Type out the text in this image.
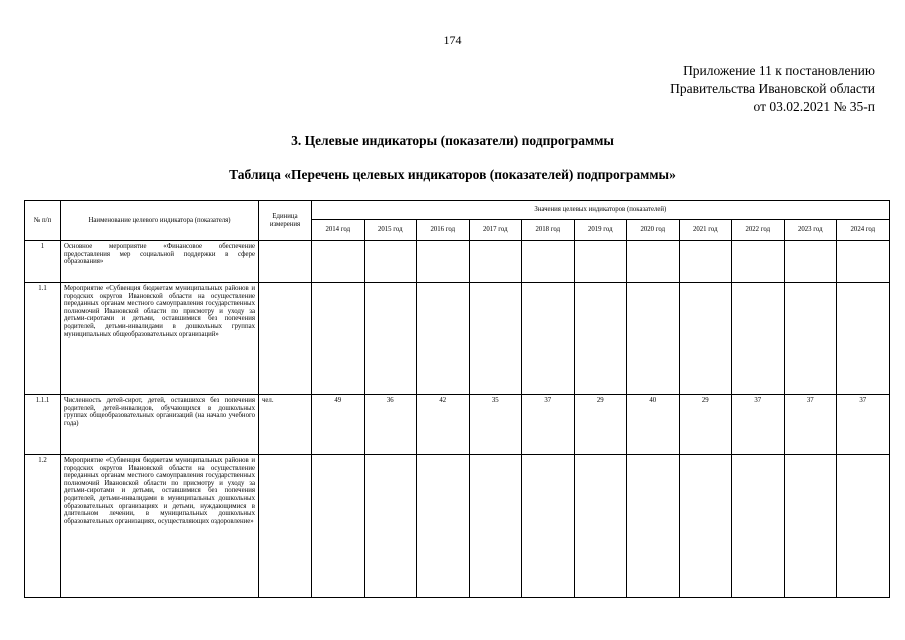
174
Приложение 11 к постановлению
Правительства Ивановской области
от 03.02.2021 № 35-п
3. Целевые индикаторы (показатели) подпрограммы
Таблица «Перечень целевых индикаторов (показателей) подпрограммы»
№ п/п	Наименование целевого индикатора (показателя)	Единица измерения	Значения целевых индикаторов (показателей)										
			2014 год	2015 год	2016 год	2017 год	2018 год	2019 год	2020 год	2021 год	2022 год	2023 год	2024 год
1	Основное мероприятие «Финансовое обеспечение предоставления мер социальной поддержки в сфере образования»												
1.1	Мероприятие «Субвенция бюджетам муниципальных районов и городских округов Ивановской области на осуществление переданных органам местного самоуправления государственных полномочий Ивановской области по присмотру и уходу за детьми-сиротами и детьми, оставшимися без попечения родителей, детьми-инвалидами в дошкольных группах муниципальных общеобразовательных организаций»												
1.1.1	Численность детей-сирот, детей, оставшихся без попечения родителей, детей-инвалидов, обучающихся в дошкольных группах общеобразовательных организаций (на начало учебного года)	чел.	49	36	42	35	37	29	40	29	37	37	37
1.2	Мероприятие «Субвенция бюджетам муниципальных районов и городских округов Ивановской области на осуществление переданных органам местного самоуправления государственных полномочий Ивановской области по присмотру и уходу за детьми-сиротами и детьми, оставшимися без попечения родителей, детьми-инвалидами в муниципальных дошкольных образовательных организациях и детьми, нуждающимися в длительном лечении, в муниципальных дошкольных образовательных организациях, осуществляющих оздоровление»												
